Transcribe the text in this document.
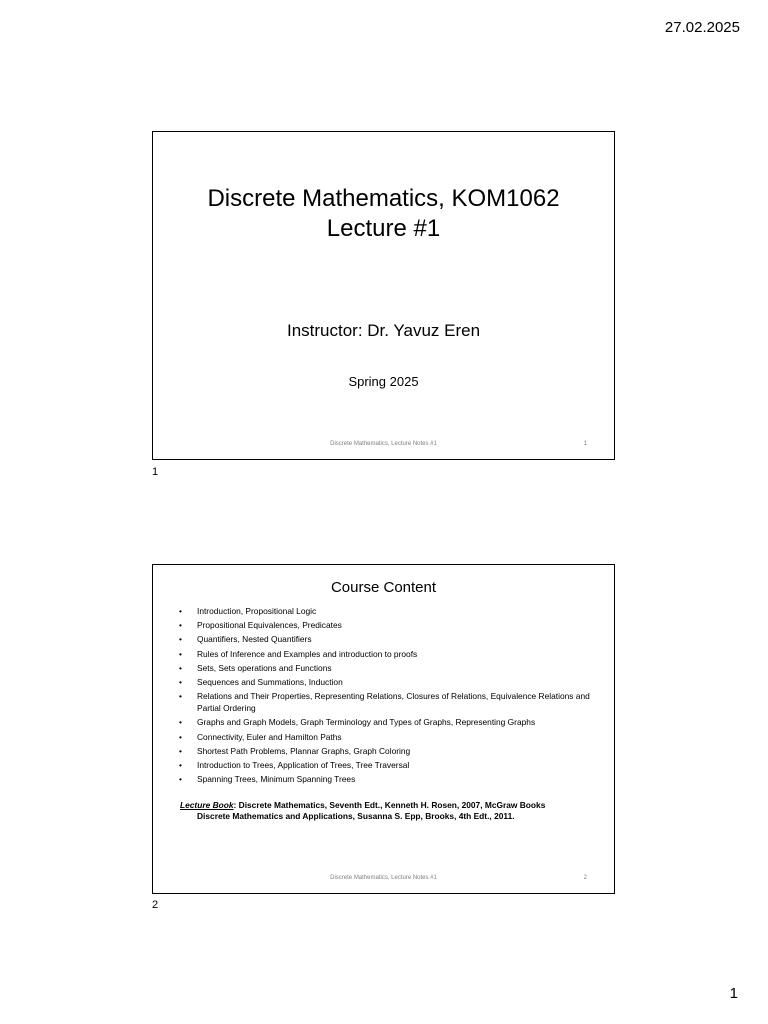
27.02.2025
Discrete Mathematics, KOM1062
Lecture #1
Instructor: Dr. Yavuz Eren
Spring 2025
Discrete Mathematics, Lecture Notes #1	1
1
Course Content
• Introduction, Propositional Logic
• Propositional Equivalences, Predicates
• Quantifiers, Nested Quantifiers
• Rules of Inference and Examples and introduction to proofs
• Sets, Sets operations and Functions
• Sequences and Summations, Induction
• Relations and Their Properties, Representing Relations, Closures of Relations, Equivalence Relations and Partial Ordering
• Graphs and Graph Models, Graph Terminology and Types of Graphs, Representing Graphs
• Connectivity, Euler and Hamilton Paths
• Shortest Path Problems, Plannar Graphs, Graph Coloring
• Introduction to Trees, Application of Trees, Tree Traversal
• Spanning Trees, Minimum Spanning Trees
Lecture Book: Discrete Mathematics, Seventh Edt., Kenneth H. Rosen, 2007, McGraw Books
Discrete Mathematics and Applications, Susanna S. Epp, Brooks, 4th Edt., 2011.
Discrete Mathematics, Lecture Notes #1	2
2
1
